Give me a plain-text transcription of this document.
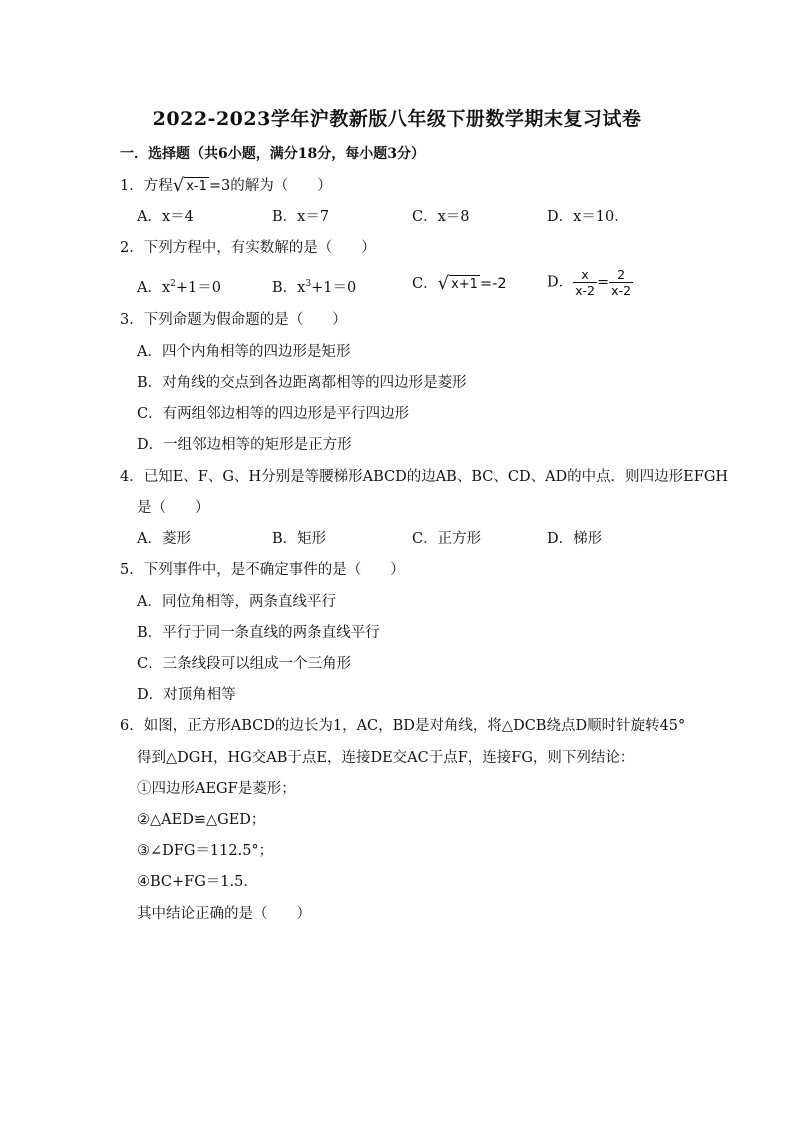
2022-2023学年沪教新版八年级下册数学期末复习试卷
一．选择题（共6小题，满分18分，每小题3分）
1．方程 √ x-1 =3的解为（　　）
A．x＝4	B．x＝7	C．x＝8	D．x＝10．
2．下列方程中，有实数解的是（　　）
A．$x^2+1=0$	B．$x^3+1=0$	C． √ x+1 =-2	D． $\frac{x}{x-2} = \frac{2}{x-2}$
3．下列命题为假命题的是（　　）
A．四个内角相等的四边形是矩形
B．对角线的交点到各边距离都相等的四边形是菱形
C．有两组邻边相等的四边形是平行四边形
D．一组邻边相等的矩形是正方形
4．已知E、F、G、H分别是等腰梯形ABCD的边AB、BC、CD、AD的中点．则四边形EFGH
是（　　）
A．菱形	B．矩形	C．正方形	D．梯形
5．下列事件中，是不确定事件的是（　　）
A．同位角相等，两条直线平行
B．平行于同一条直线的两条直线平行
C．三条线段可以组成一个三角形
D．对顶角相等
6．如图，正方形ABCD的边长为1，AC，BD是对角线，将△DCB绕点D顺时针旋转45°
得到△DGH，HG交AB于点E，连接DE交AC于点F，连接FG，则下列结论：
①四边形AEGF是菱形；
②△AED≌△GED；
③∠DFG＝112.5°；
④BC+FG＝1.5．
其中结论正确的是（　　）
